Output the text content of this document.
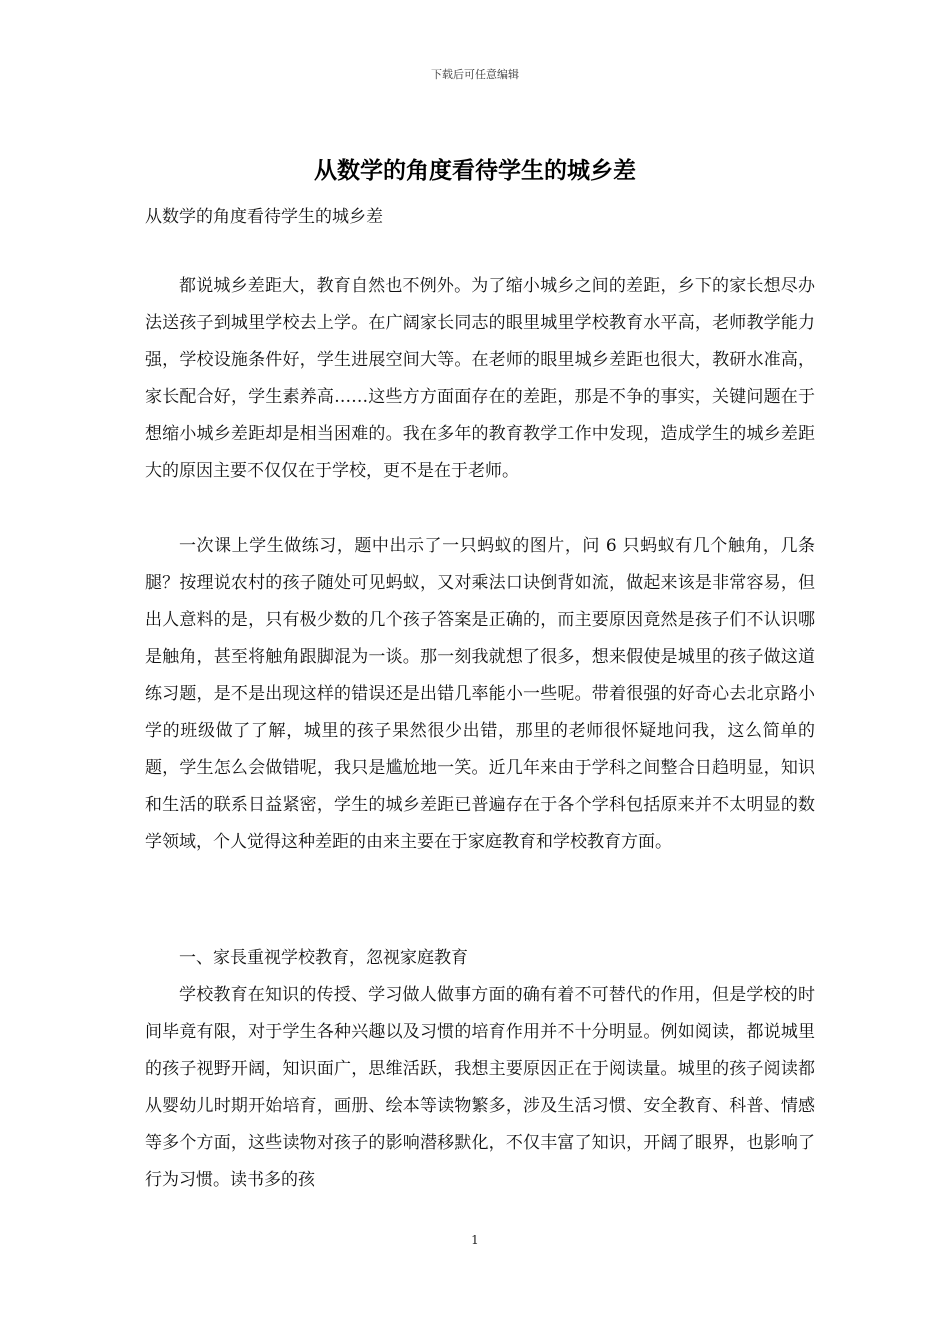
下载后可任意编辑
从数学的角度看待学生的城乡差

从数学的角度看待学生的城乡差

都说城乡差距大，教育自然也不例外。为了缩小城乡之间的差距，乡下的家长想尽办法送孩子到城里学校去上学。在广阔家长同志的眼里城里学校教育水平高，老师教学能力强，学校设施条件好，学生进展空间大等。在老师的眼里城乡差距也很大，教研水准高，家长配合好，学生素养高……这些方方面面存在的差距，那是不争的事实，关键问题在于想缩小城乡差距却是相当困难的。我在多年的教育教学工作中发现，造成学生的城乡差距大的原因主要不仅仅在于学校，更不是在于老师。

一次课上学生做练习，题中出示了一只蚂蚁的图片，问 6 只蚂蚁有几个触角，几条腿？按理说农村的孩子随处可见蚂蚁，又对乘法口诀倒背如流，做起来该是非常容易，但出人意料的是，只有极少数的几个孩子答案是正确的，而主要原因竟然是孩子们不认识哪是触角，甚至将触角跟脚混为一谈。那一刻我就想了很多，想来假使是城里的孩子做这道练习题，是不是出现这样的错误还是出错几率能小一些呢。带着很强的好奇心去北京路小学的班级做了了解，城里的孩子果然很少出错，那里的老师很怀疑地问我，这么简单的题，学生怎么会做错呢，我只是尴尬地一笑。近几年来由于学科之间整合日趋明显，知识和生活的联系日益紧密，学生的城乡差距已普遍存在于各个学科包括原来并不太明显的数学领域，个人觉得这种差距的由来主要在于家庭教育和学校教育方面。

一、家長重视学校教育，忽视家庭教育

学校教育在知识的传授、学习做人做事方面的确有着不可替代的作用，但是学校的时间毕竟有限，对于学生各种兴趣以及习惯的培育作用并不十分明显。例如阅读，都说城里的孩子视野开阔，知识面广，思维活跃，我想主要原因正在于阅读量。城里的孩子阅读都从婴幼儿时期开始培育，画册、绘本等读物繁多，涉及生活习惯、安全教育、科普、情感等多个方面，这些读物对孩子的影响潜移默化，不仅丰富了知识，开阔了眼界，也影响了行为习惯。读书多的孩

1
